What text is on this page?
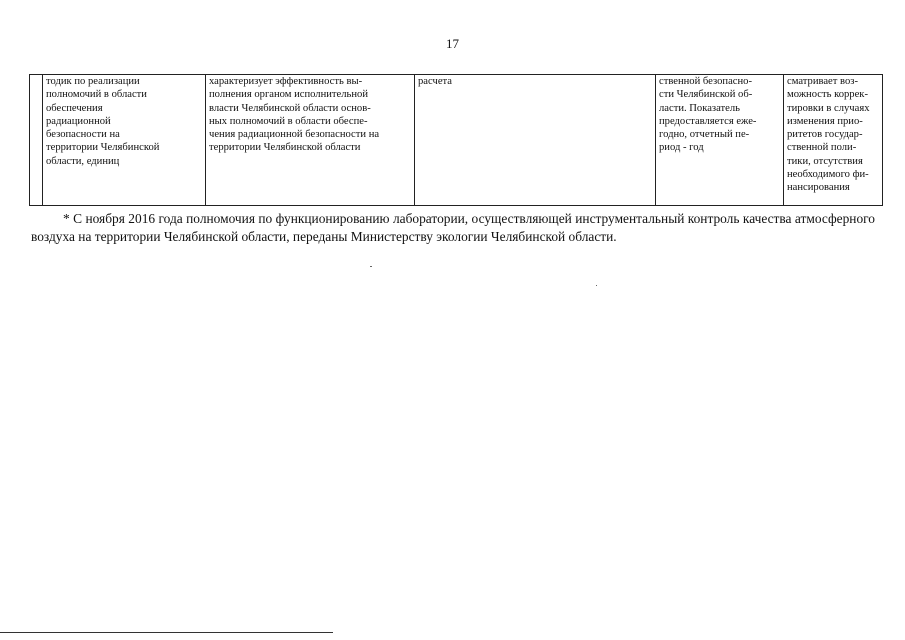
17
	тодик по реализации
полномочий в области
обеспечения
радиационной
безопасности на
территории Челябинской
области, единиц	характеризует эффективность вы-
полнения органом исполнительной
власти Челябинской области основ-
ных полномочий в области обеспе-
чения радиационной безопасности на
территории Челябинской области	расчета	ственной безопасно-
сти Челябинской об-
ласти. Показатель
предоставляется еже-
годно, отчетный пе-
риод - год	сматривает воз-
можность коррек-
тировки в случаях
изменения прио-
ритетов государ-
ственной поли-
тики, отсутствия
необходимого фи-
нансирования
* С ноября 2016 года полномочия по функционированию лаборатории, осуществляющей инструментальный контроль качества атмосферного воздуха на территории Челябинской области, переданы Министерству экологии Челябинской области.
